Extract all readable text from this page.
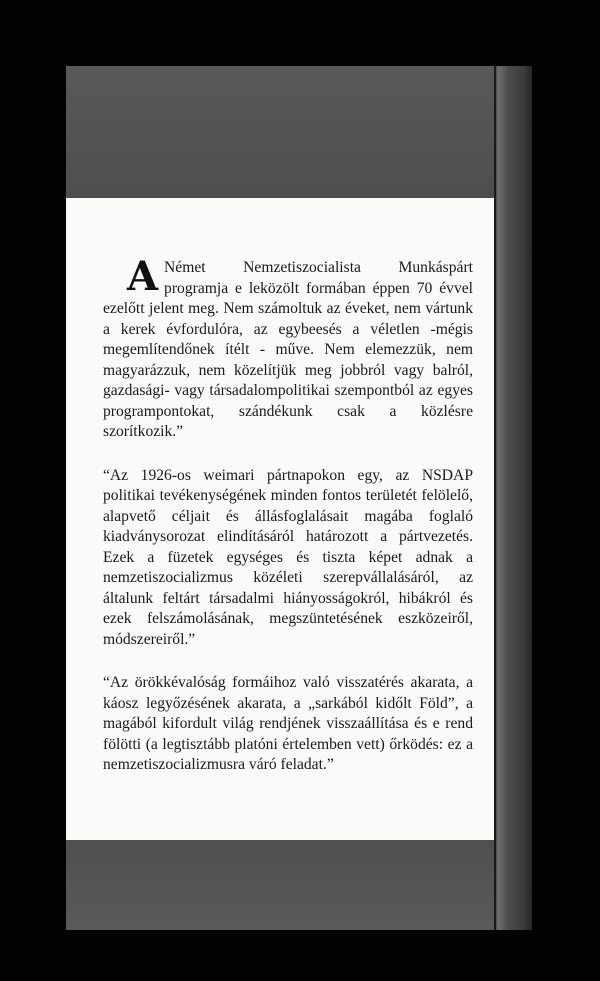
A Német Nemzetiszocialista Munkáspárt programja e leközölt formában éppen 70 évvel ezelőtt jelent meg. Nem számoltuk az éveket, nem vártunk a kerek évfordulóra, az egybeesés a véletlen -mégis megemlítendőnek ítélt - műve. Nem elemezzük, nem magyarázzuk, nem közelítjük meg jobbról vagy balról, gazdasági- vagy társadalompolitikai szempontból az egyes programpontokat, szándékunk csak a közlésre szorítkozik.”

“Az 1926-os weimari pártnapokon egy, az NSDAP politikai tevékenységének minden fontos területét felölelő, alapvető céljait és állásfoglalásait magába foglaló kiadványsorozat elindításáról határozott a pártvezetés. Ezek a füzetek egységes és tiszta képet adnak a nemzetiszocializmus közéleti szerepvállalásáról, az általunk feltárt társadalmi hiányosságokról, hibákról és ezek felszámolásának, megszüntetésének eszközeiről, módszereiről.”

“Az örökkévalóság formáihoz való visszatérés akarata, a káosz legyőzésének akarata, a „sarkából kidőlt Föld”, a magából kifordult világ rendjének visszaállítása és e rend fölötti (a legtisztább platóni értelemben vett) őrködés: ez a nemzetiszocializmusra váró feladat.”
